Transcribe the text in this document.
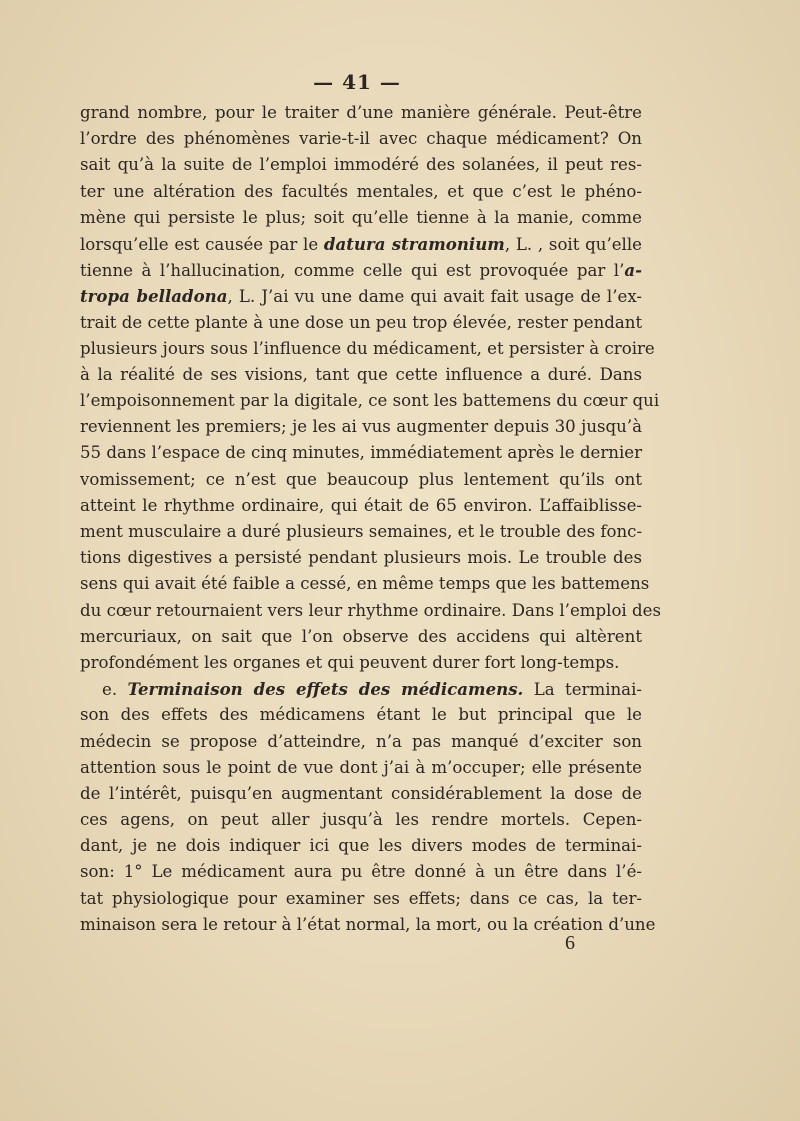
— 41 —
grand nombre, pour le traiter d’une manière générale. Peut-être
l’ordre des phénomènes varie-t-il avec chaque médicament? On
sait qu’à la suite de l’emploi immodéré des solanées, il peut res-
ter une altération des facultés mentales, et que c’est le phéno-
mène qui persiste le plus; soit qu’elle tienne à la manie, comme
lorsqu’elle est causée par le datura stramonium, L. , soit qu’elle
tienne à l’hallucination, comme celle qui est provoquée par l’a-
tropa belladona, L. J’ai vu une dame qui avait fait usage de l’ex-
trait de cette plante à une dose un peu trop élevée, rester pendant
plusieurs jours sous l’influence du médicament, et persister à croire
à la réalité de ses visions, tant que cette influence a duré. Dans
l’empoisonnement par la digitale, ce sont les battemens du cœur qui
reviennent les premiers; je les ai vus augmenter depuis 30 jusqu’à
55 dans l’espace de cinq minutes, immédiatement après le dernier
vomissement; ce n’est que beaucoup plus lentement qu’ils ont
atteint le rhythme ordinaire, qui était de 65 environ. L’affaiblisse-
ment musculaire a duré plusieurs semaines, et le trouble des fonc-
tions digestives a persisté pendant plusieurs mois. Le trouble des
sens qui avait été faible a cessé, en même temps que les battemens
du cœur retournaient vers leur rhythme ordinaire. Dans l’emploi des
mercuriaux, on sait que l’on observe des accidens qui altèrent
profondément les organes et qui peuvent durer fort long-temps.
e. Terminaison des effets des médicamens. La terminai-
son des effets des médicamens étant le but principal que le
médecin se propose d’atteindre, n’a pas manqué d’exciter son
attention sous le point de vue dont j’ai à m’occuper; elle présente
de l’intérêt, puisqu’en augmentant considérablement la dose de
ces agens, on peut aller jusqu’à les rendre mortels. Cepen-
dant, je ne dois indiquer ici que les divers modes de terminai-
son: 1° Le médicament aura pu être donné à un être dans l’é-
tat physiologique pour examiner ses effets; dans ce cas, la ter-
minaison sera le retour à l’état normal, la mort, ou la création d’une
6
